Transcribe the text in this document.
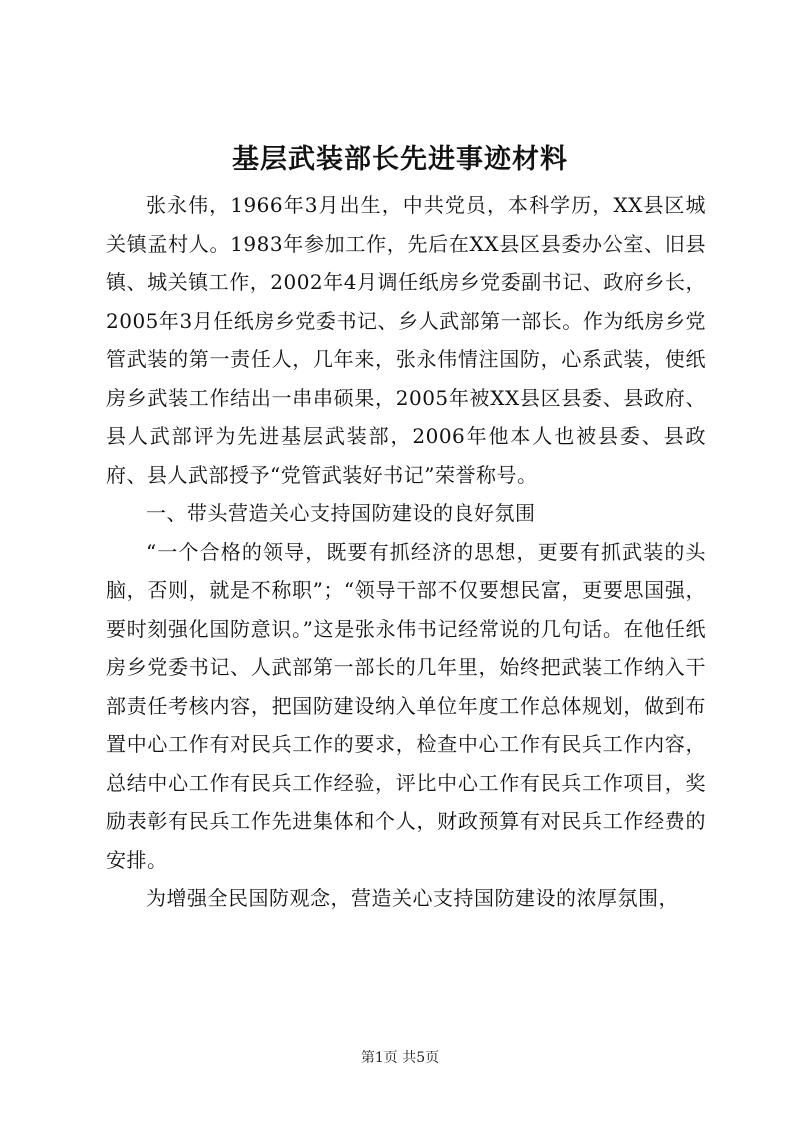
基层武装部长先进事迹材料

张永伟，1966年3月出生，中共党员，本科学历，XX县区城关镇孟村人。1983年参加工作，先后在XX县区县委办公室、旧县镇、城关镇工作，2002年4月调任纸房乡党委副书记、政府乡长，2005年3月任纸房乡党委书记、乡人武部第一部长。作为纸房乡党管武装的第一责任人，几年来，张永伟情注国防，心系武装，使纸房乡武装工作结出一串串硕果，2005年被XX县区县委、县政府、县人武部评为先进基层武装部，2006年他本人也被县委、县政府、县人武部授予“党管武装好书记”荣誉称号。

一、带头营造关心支持国防建设的良好氛围

“一个合格的领导，既要有抓经济的思想，更要有抓武装的头脑，否则，就是不称职”；“领导干部不仅要想民富，更要思国强，要时刻强化国防意识。”这是张永伟书记经常说的几句话。在他任纸房乡党委书记、人武部第一部长的几年里，始终把武装工作纳入干部责任考核内容，把国防建设纳入单位年度工作总体规划，做到布置中心工作有对民兵工作的要求，检查中心工作有民兵工作内容，总结中心工作有民兵工作经验，评比中心工作有民兵工作项目，奖励表彰有民兵工作先进集体和个人，财政预算有对民兵工作经费的安排。

为增强全民国防观念，营造关心支持国防建设的浓厚氛围，

第1页 共5页
